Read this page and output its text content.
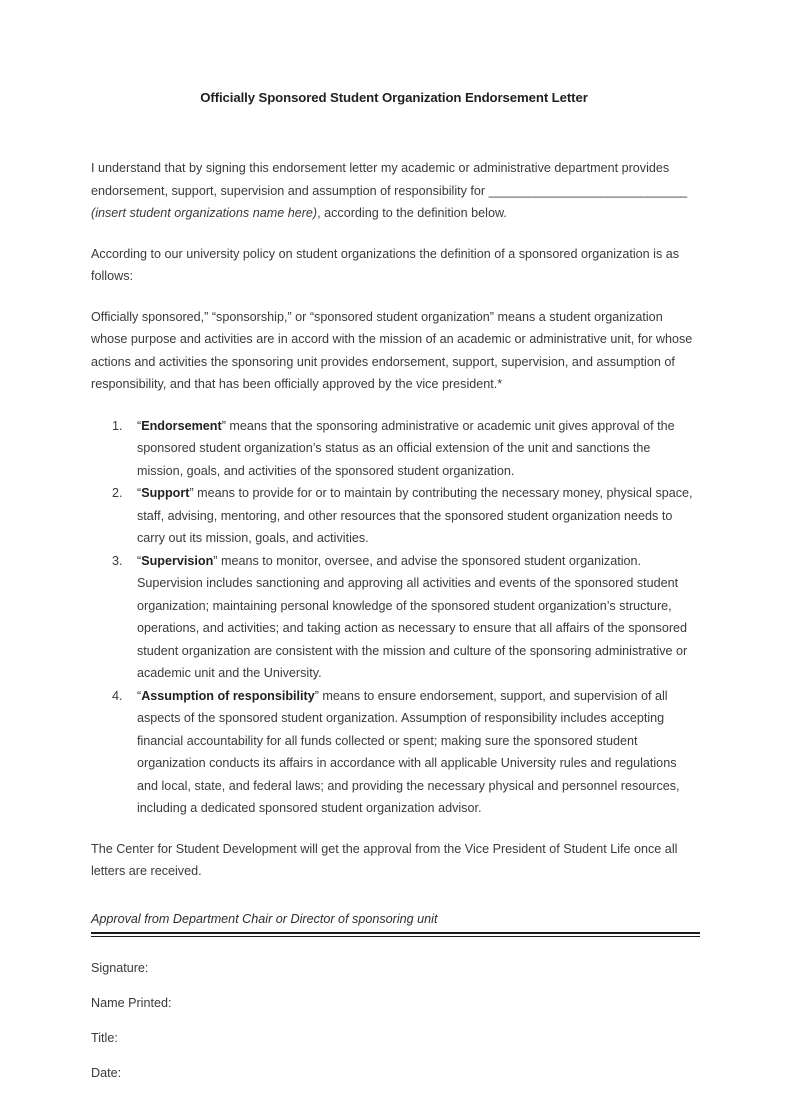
Officially Sponsored Student Organization Endorsement Letter

I understand that by signing this endorsement letter my academic or administrative department provides endorsement, support, supervision and assumption of responsibility for ______________________________ (insert student organizations name here), according to the definition below.

According to our university policy on student organizations the definition of a sponsored organization is as follows:

Officially sponsored,” “sponsorship,” or “sponsored student organization” means a student organization whose purpose and activities are in accord with the mission of an academic or administrative unit, for whose actions and activities the sponsoring unit provides endorsement, support, supervision, and assumption of responsibility, and that has been officially approved by the vice president.*

1.	“Endorsement” means that the sponsoring administrative or academic unit gives approval of the sponsored student organization’s status as an official extension of the unit and sanctions the mission, goals, and activities of the sponsored student organization.
2.	“Support” means to provide for or to maintain by contributing the necessary money, physical space, staff, advising, mentoring, and other resources that the sponsored student organization needs to carry out its mission, goals, and activities.
3.	“Supervision” means to monitor, oversee, and advise the sponsored student organization. Supervision includes sanctioning and approving all activities and events of the sponsored student organization; maintaining personal knowledge of the sponsored student organization’s structure, operations, and activities; and taking action as necessary to ensure that all affairs of the sponsored student organization are consistent with the mission and culture of the sponsoring administrative or academic unit and the University.
4.	“Assumption of responsibility” means to ensure endorsement, support, and supervision of all aspects of the sponsored student organization. Assumption of responsibility includes accepting financial accountability for all funds collected or spent; making sure the sponsored student organization conducts its affairs in accordance with all applicable University rules and regulations and local, state, and federal laws; and providing the necessary physical and personnel resources, including a dedicated sponsored student organization advisor.

The Center for Student Development will get the approval from the Vice President of Student Life once all letters are received.

Approval from Department Chair or Director of sponsoring unit
Signature:
Name Printed:
Title:
Date:
